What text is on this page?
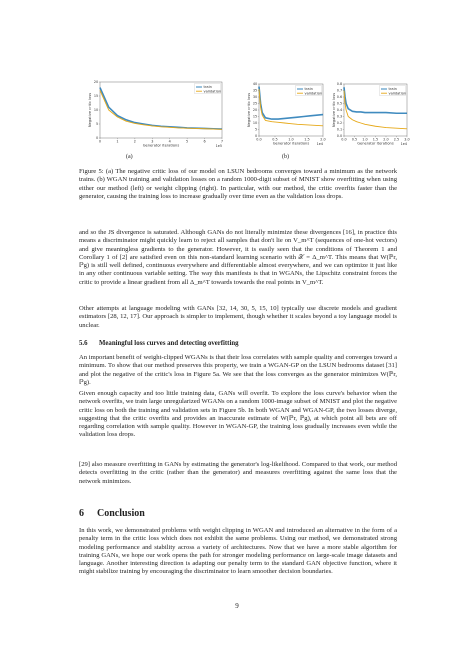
0	1	2	3	4	5	6	7
0
5
10
15
20
1e5
Generator iterations
Negative critic loss
train
validation
0.0	0.5	1.0	1.5	2.0
0
5
10
15
20
25
30
35
40
1e4
Generator iterations
Negative critic loss
train
validation
0.0 0.5 1.0 1.5 2.0 2.5 3.0
0.0
0.1
0.2
0.3
0.4
0.5
0.6
0.7
0.8
1e4
Generator iterations
Negative critic loss
train
validation
(a)	(b)
Figure 5: (a) The negative critic loss of our model on LSUN bedrooms converges toward a minimum as the network trains. (b) WGAN training and validation losses on a random 1000-digit subset of MNIST show overfitting when using either our method (left) or weight clipping (right). In particular, with our method, the critic overfits faster than the generator, causing the training loss to increase gradually over time even as the validation loss drops.

and so the JS divergence is saturated. Although GANs do not literally minimize these divergences [16], in practice this means a discriminator might quickly learn to reject all samples that don't lie on V_m^T (sequences of one-hot vectors) and give meaningless gradients to the generator. However, it is easily seen that the conditions of Theorem 1 and Corollary 1 of [2] are satisfied even on this non-standard learning scenario with 𝒳 = Δ_m^T. This means that W(ℙr, ℙg) is still well defined, continuous everywhere and differentiable almost everywhere, and we can optimize it just like in any other continuous variable setting. The way this manifests is that in WGANs, the Lipschitz constraint forces the critic to provide a linear gradient from all Δ_m^T towards towards the real points in V_m^T.

Other attempts at language modeling with GANs [32, 14, 30, 5, 15, 10] typically use discrete models and gradient estimators [28, 12, 17]. Our approach is simpler to implement, though whether it scales beyond a toy language model is unclear.

5.6 Meaningful loss curves and detecting overfitting

An important benefit of weight-clipped WGANs is that their loss correlates with sample quality and converges toward a minimum. To show that our method preserves this property, we train a WGAN-GP on the LSUN bedrooms dataset [31] and plot the negative of the critic's loss in Figure 5a. We see that the loss converges as the generator minimizes W(ℙr, ℙg).

Given enough capacity and too little training data, GANs will overfit. To explore the loss curve's behavior when the network overfits, we train large unregularized WGANs on a random 1000-image subset of MNIST and plot the negative critic loss on both the training and validation sets in Figure 5b. In both WGAN and WGAN-GP, the two losses diverge, suggesting that the critic overfits and provides an inaccurate estimate of W(ℙr, ℙg), at which point all bets are off regarding correlation with sample quality. However in WGAN-GP, the training loss gradually increases even while the validation loss drops.

[29] also measure overfitting in GANs by estimating the generator's log-likelihood. Compared to that work, our method detects overfitting in the critic (rather than the generator) and measures overfitting against the same loss that the network minimizes.

6 Conclusion

In this work, we demonstrated problems with weight clipping in WGAN and introduced an alternative in the form of a penalty term in the critic loss which does not exhibit the same problems. Using our method, we demonstrated strong modeling performance and stability across a variety of architectures. Now that we have a more stable algorithm for training GANs, we hope our work opens the path for stronger modeling performance on large-scale image datasets and language. Another interesting direction is adapting our penalty term to the standard GAN objective function, where it might stabilize training by encouraging the discriminator to learn smoother decision boundaries.

9
